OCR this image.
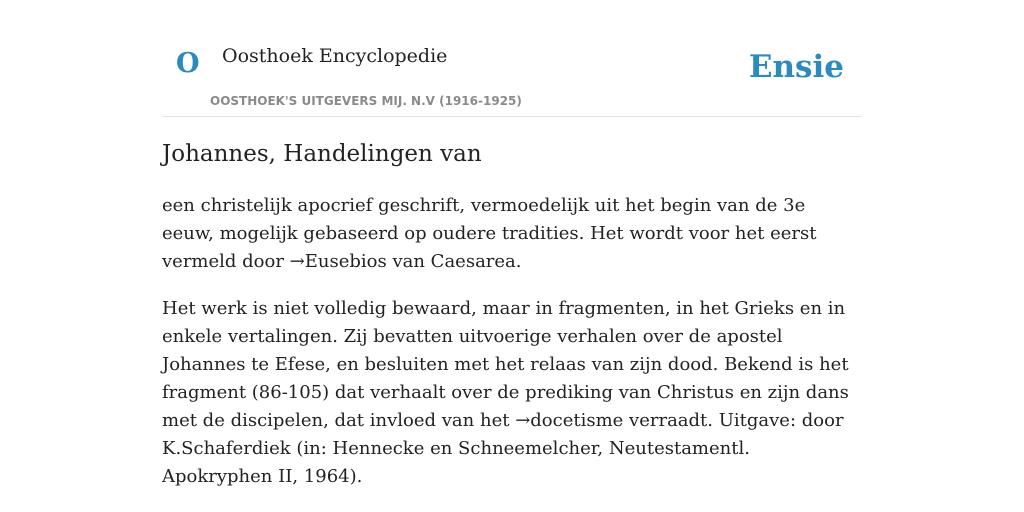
O Oosthoek Encyclopedie
OOSTHOEK'S UITGEVERS MIJ. N.V (1916-1925)
Ensie
Johannes, Handelingen van

een christelijk apocrief geschrift, vermoedelijk uit het begin van de 3e eeuw, mogelijk gebaseerd op oudere tradities. Het wordt voor het eerst vermeld door →Eusebios van Caesarea.

Het werk is niet volledig bewaard, maar in fragmenten, in het Grieks en in enkele vertalingen. Zij bevatten uitvoerige verhalen over de apostel Johannes te Efese, en besluiten met het relaas van zijn dood. Bekend is het fragment (86-105) dat verhaalt over de prediking van Christus en zijn dans met de discipelen, dat invloed van het →docetisme verraadt. Uitgave: door K.Schaferdiek (in: Hennecke en Schneemelcher, Neutestamentl. Apokryphen II, 1964).
